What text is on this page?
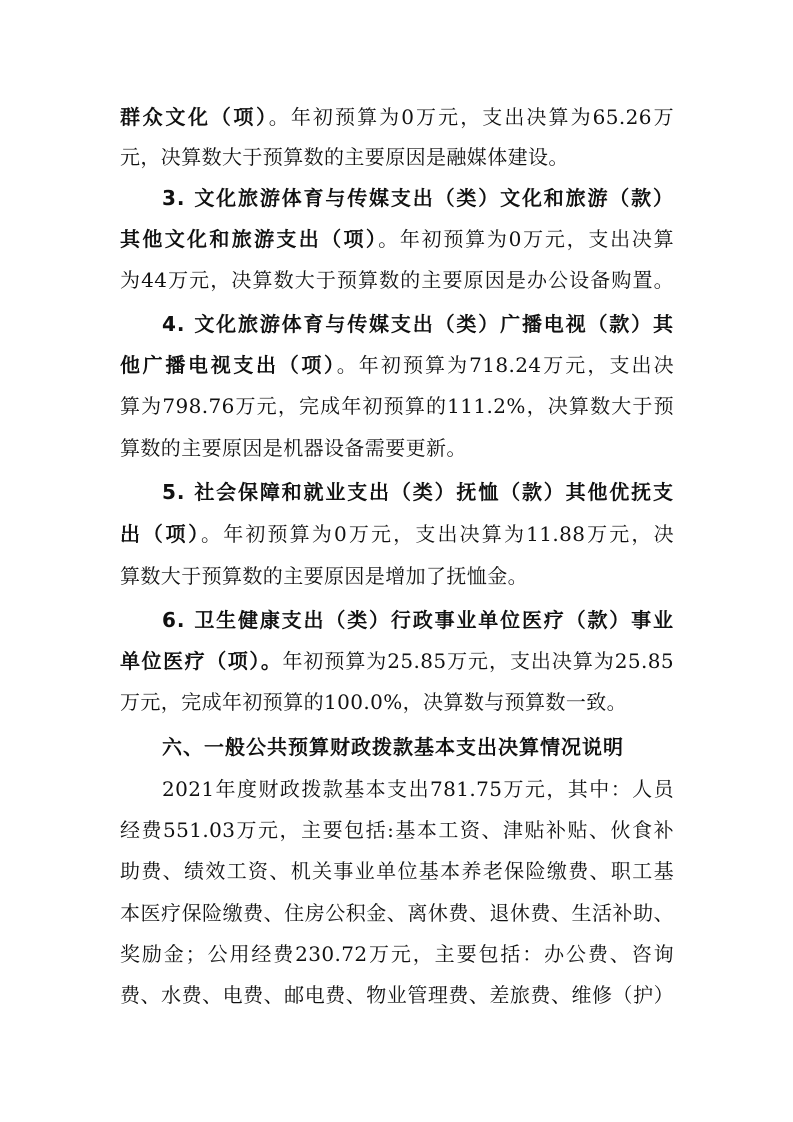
群众文化（项）。年初预算为0万元，支出决算为65.26万
元，决算数大于预算数的主要原因是融媒体建设。
3. 文化旅游体育与传媒支出（类）文化和旅游（款）
其他文化和旅游支出（项）。年初预算为0万元，支出决算
为44万元，决算数大于预算数的主要原因是办公设备购置。
4. 文化旅游体育与传媒支出（类）广播电视（款）其
他广播电视支出（项）。年初预算为718.24万元，支出决
算为798.76万元，完成年初预算的111.2%，决算数大于预
算数的主要原因是机器设备需要更新。
5. 社会保障和就业支出（类）抚恤（款）其他优抚支
出（项）。年初预算为0万元，支出决算为11.88万元，决
算数大于预算数的主要原因是增加了抚恤金。
6. 卫生健康支出（类）行政事业单位医疗（款）事业
单位医疗（项）。年初预算为25.85万元，支出决算为25.85
万元，完成年初预算的100.0%，决算数与预算数一致。
六、一般公共预算财政拨款基本支出决算情况说明
2021年度财政拨款基本支出781.75万元，其中：人员
经费551.03万元，主要包括:基本工资、津贴补贴、伙食补
助费、绩效工资、机关事业单位基本养老保险缴费、职工基
本医疗保险缴费、住房公积金、离休费、退休费、生活补助、
奖励金；公用经费230.72万元，主要包括：办公费、咨询
费、水费、电费、邮电费、物业管理费、差旅费、维修（护）
